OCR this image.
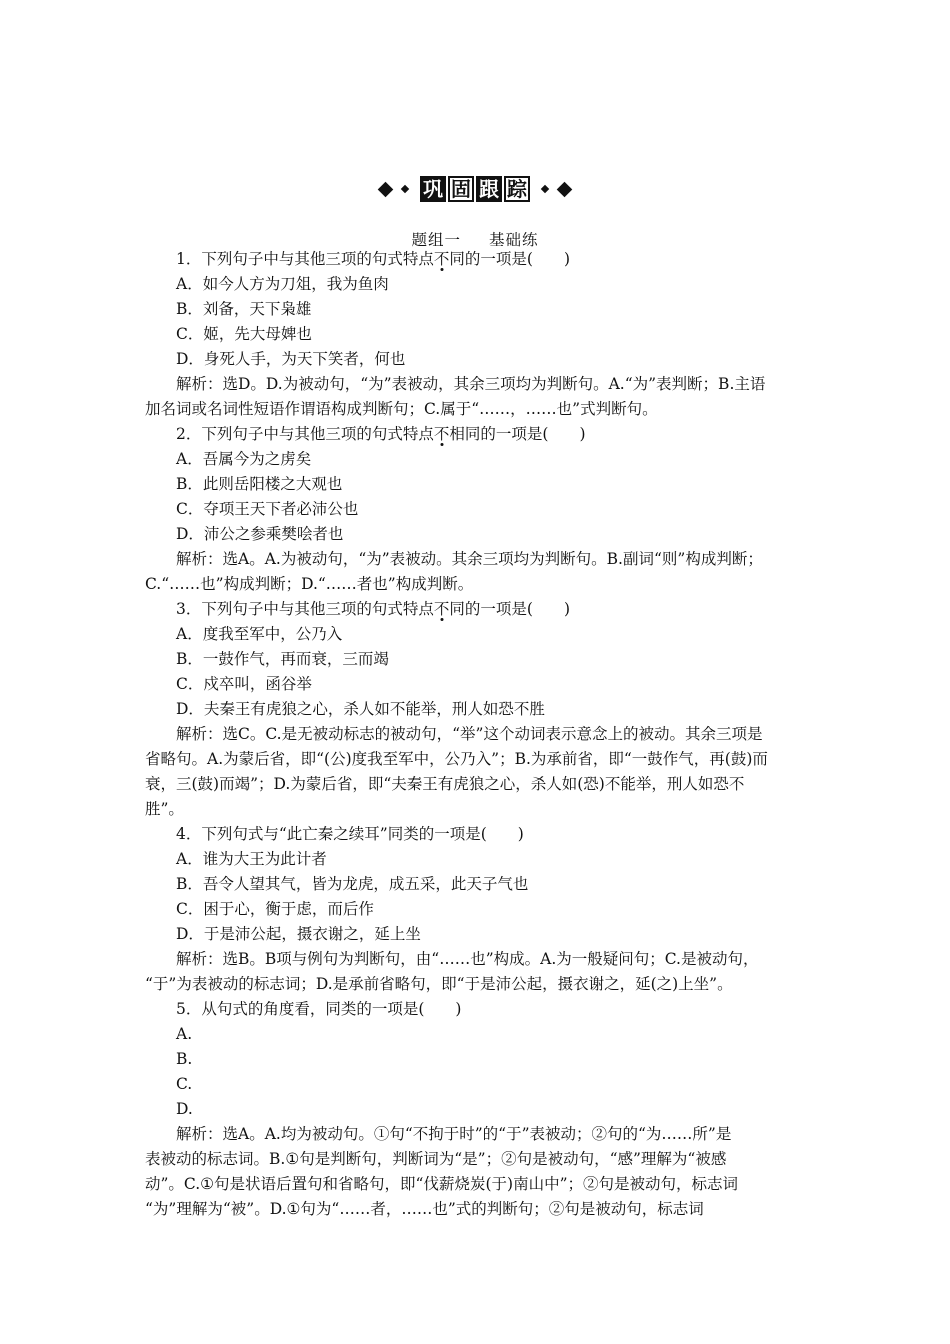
巩 固 跟 踪
题组一 基础练
1．下列句子中与其他三项的句式特点不同的一项是(　　)
A．如今人方为刀俎，我为鱼肉
B．刘备，天下枭雄
C．姬，先大母婢也
D．身死人手，为天下笑者，何也
解析：选D。D.为被动句，“为”表被动，其余三项均为判断句。A.“为”表判断；B.主语
加名词或名词性短语作谓语构成判断句；C.属于“……，……也”式判断句。
2．下列句子中与其他三项的句式特点不相同的一项是(　　)
A．吾属今为之虏矣
B．此则岳阳楼之大观也
C．夺项王天下者必沛公也
D．沛公之参乘樊哙者也
解析：选A。A.为被动句，“为”表被动。其余三项均为判断句。B.副词“则”构成判断；
C.“……也”构成判断；D.“……者也”构成判断。
3．下列句子中与其他三项的句式特点不同的一项是(　　)
A．度我至军中，公乃入
B．一鼓作气，再而衰，三而竭
C．戍卒叫，函谷举
D．夫秦王有虎狼之心，杀人如不能举，刑人如恐不胜
解析：选C。C.是无被动标志的被动句，“举”这个动词表示意念上的被动。其余三项是
省略句。A.为蒙后省，即“(公)度我至军中，公乃入”；B.为承前省，即“一鼓作气，再(鼓)而
衰，三(鼓)而竭”；D.为蒙后省，即“夫秦王有虎狼之心，杀人如(恐)不能举，刑人如恐不
胜”。
4．下列句式与“此亡秦之续耳”同类的一项是(　　)
A．谁为大王为此计者
B．吾令人望其气，皆为龙虎，成五采，此天子气也
C．困于心，衡于虑，而后作
D．于是沛公起，摄衣谢之，延上坐
解析：选B。B项与例句为判断句，由“……也”构成。A.为一般疑问句；C.是被动句，
“于”为表被动的标志词；D.是承前省略句，即“于是沛公起，摄衣谢之，延(之)上坐”。
5．从句式的角度看，同类的一项是(　　)
A.
B.
C.
D.
解析：选A。A.均为被动句。①句“不拘于时”的“于”表被动；②句的“为……所”是
表被动的标志词。B.①句是判断句，判断词为“是”；②句是被动句，“感”理解为“被感
动”。C.①句是状语后置句和省略句，即“伐薪烧炭(于)南山中”；②句是被动句，标志词
“为”理解为“被”。D.①句为“……者，……也”式的判断句；②句是被动句，标志词
